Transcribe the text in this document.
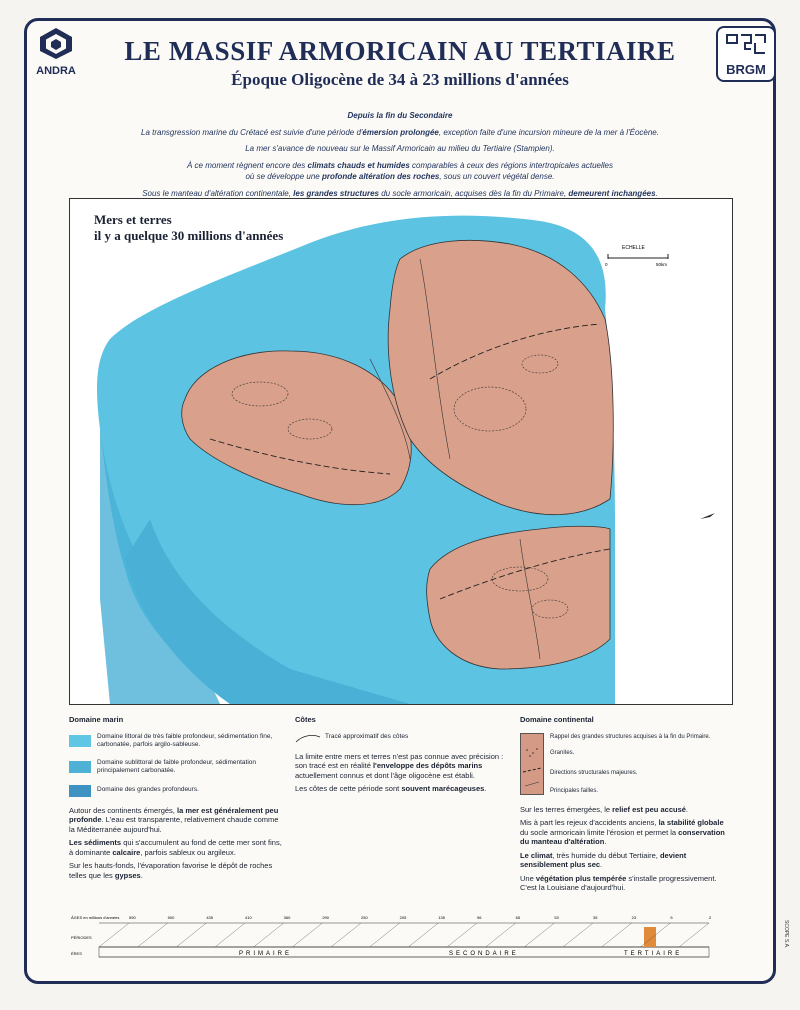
ANDRA	BRGM
LE MASSIF ARMORICAIN AU TERTIAIRE
Époque Oligocène de 34 à 23 millions d'années

Depuis la fin du Secondaire

La transgression marine du Crétacé est suivie d'une période d'émersion prolongée, exception faite d'une incursion mineure de la mer à l'Éocène.

La mer s'avance de nouveau sur le Massif Armoricain au milieu du Tertiaire (Stampien).

À ce moment règnent encore des climats chauds et humides comparables à ceux des régions intertropicales actuelles
où se développe une profonde altération des roches, sous un couvert végétal dense.

Sous le manteau d'altération continentale, les grandes structures du socle armoricain, acquises dès la fin du Primaire, demeurent inchangées.

ECHELLE
0	50km
Mers et terres
il y a quelque 30 millions d'années
Domaine marin
Domaine littoral de très faible profondeur, sédimentation fine, carbonatée, parfois argilo-sableuse.
Domaine sublittoral de faible profondeur, sédimentation principalement carbonatée.
Domaine des grandes profondeurs.

Autour des continents émergés, la mer est généralement peu profonde. L'eau est transparente, relativement chaude comme la Méditerranée aujourd'hui.

Les sédiments qui s'accumulent au fond de cette mer sont fins, à dominante calcaire, parfois sableux ou argileux.

Sur les hauts-fonds, l'évaporation favorise le dépôt de roches telles que les gypses.

Côtes
Tracé approximatif des côtes

La limite entre mers et terres n'est pas connue avec précision : son tracé est en réalité l'enveloppe des dépôts marins actuellement connus et dont l'âge oligocène est établi.

Les côtes de cette période sont souvent marécageuses.

Domaine continental
Rappel des grandes structures acquises à la fin du Primaire.
Granites.
Directions structurales majeures.
Principales failles.

Sur les terres émergées, le relief est peu accusé.

Mis à part les rejeux d'accidents anciens, la stabilité globale du socle armoricain limite l'érosion et permet la conservation du manteau d'altération.

Le climat, très humide du début Tertiaire, devient sensiblement plus sec.

Une végétation plus tempérée s'installe progressivement. C'est la Louisiane d'aujourd'hui.

ÂGES en millions d'années
PÉRIODES
ÈRES	PRIMAIRE	SECONDAIRE	TERTIAIRE
590	500	435	410	360	290	250	205	135	96	65	53	35	23	5	2
SCOPE S.A.
